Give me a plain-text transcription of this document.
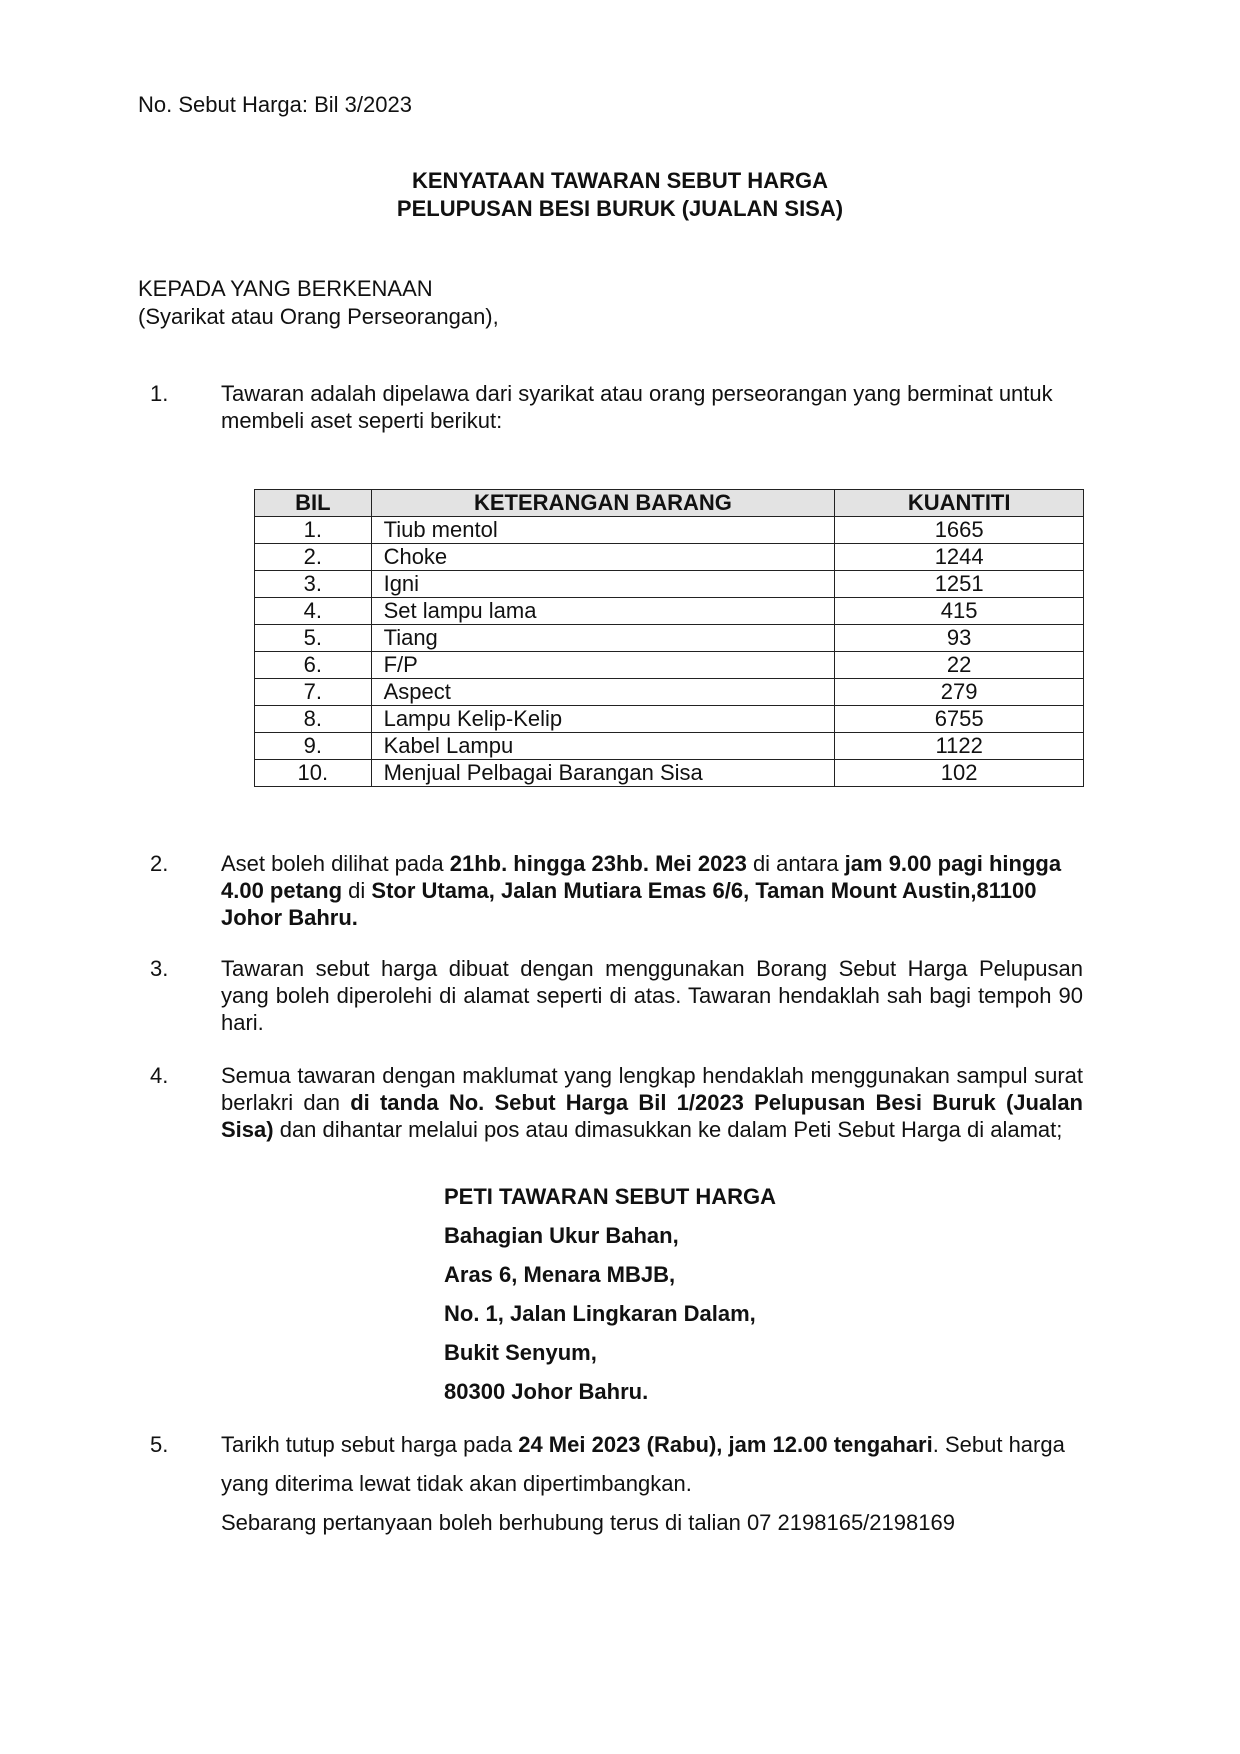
No. Sebut Harga: Bil 3/2023
KENYATAAN TAWARAN SEBUT HARGA
PELUPUSAN BESI BURUK (JUALAN SISA)
KEPADA YANG BERKENAAN
(Syarikat atau Orang Perseorangan),
1. Tawaran adalah dipelawa dari syarikat atau orang perseorangan yang berminat untuk
membeli aset seperti berikut:
BIL	KETERANGAN BARANG	KUANTITI
1.	Tiub mentol	1665
2.	Choke	1244
3.	Igni	1251
4.	Set lampu lama	415
5.	Tiang	93
6.	F/P	22
7.	Aspect	279
8.	Lampu Kelip-Kelip	6755
9.	Kabel Lampu	1122
10.	Menjual Pelbagai Barangan Sisa	102
2. Aset boleh dilihat pada 21hb. hingga 23hb. Mei 2023 di antara jam 9.00 pagi hingga 4.00 petang di Stor Utama, Jalan Mutiara Emas 6/6, Taman Mount Austin,81100 Johor Bahru.
3. Tawaran sebut harga dibuat dengan menggunakan Borang Sebut Harga Pelupusan yang boleh diperolehi di alamat seperti di atas. Tawaran hendaklah sah bagi tempoh 90 hari.
4. Semua tawaran dengan maklumat yang lengkap hendaklah menggunakan sampul surat berlakri dan di tanda No. Sebut Harga Bil 1/2023 Pelupusan Besi Buruk (Jualan Sisa) dan dihantar melalui pos atau dimasukkan ke dalam Peti Sebut Harga di alamat;
PETI TAWARAN SEBUT HARGA
Bahagian Ukur Bahan,
Aras 6, Menara MBJB,
No. 1, Jalan Lingkaran Dalam,
Bukit Senyum,
80300 Johor Bahru.
5. Tarikh tutup sebut harga pada 24 Mei 2023 (Rabu), jam 12.00 tengahari. Sebut harga
yang diterima lewat tidak akan dipertimbangkan.
Sebarang pertanyaan boleh berhubung terus di talian 07 2198165/2198169
